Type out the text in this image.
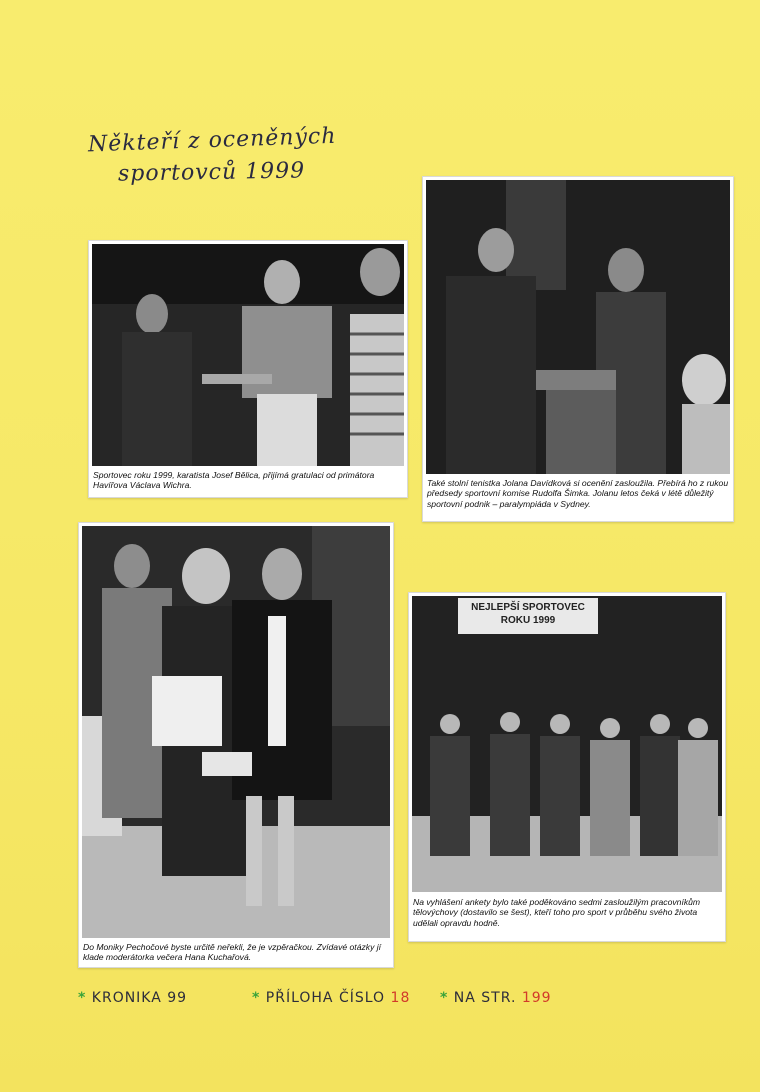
Někteří z oceněných
sportovců 1999
Sportovec roku 1999, karatista Josef Bělica, přijímá gratulaci od primátora Havířova Václava Wichra.	Také stolní tenistka Jolana Davídková si ocenění zasloužila. Přebírá ho z rukou předsedy sportovní komise Rudolfa Šimka. Jolanu letos čeká v létě důležitý sportovní podnik – paralympiáda v Sydney.
Do Moniky Pechočové byste určitě neřekli, že je vzpěračkou. Zvídavé otázky jí klade moderátorka večera Hana Kuchařová.
NEJLEPŠÍ SPORTOVEC
ROKU 1999
Na vyhlášení ankety bylo také poděkováno sedmi zasloužilým pracovníkům tělovýchovy (dostavilo se šest), kteří toho pro sport v průběhu svého života udělali opravdu hodně.
* KRONIKA 99	* PŘÍLOHA ČÍSLO 18 * NA STR. 199
